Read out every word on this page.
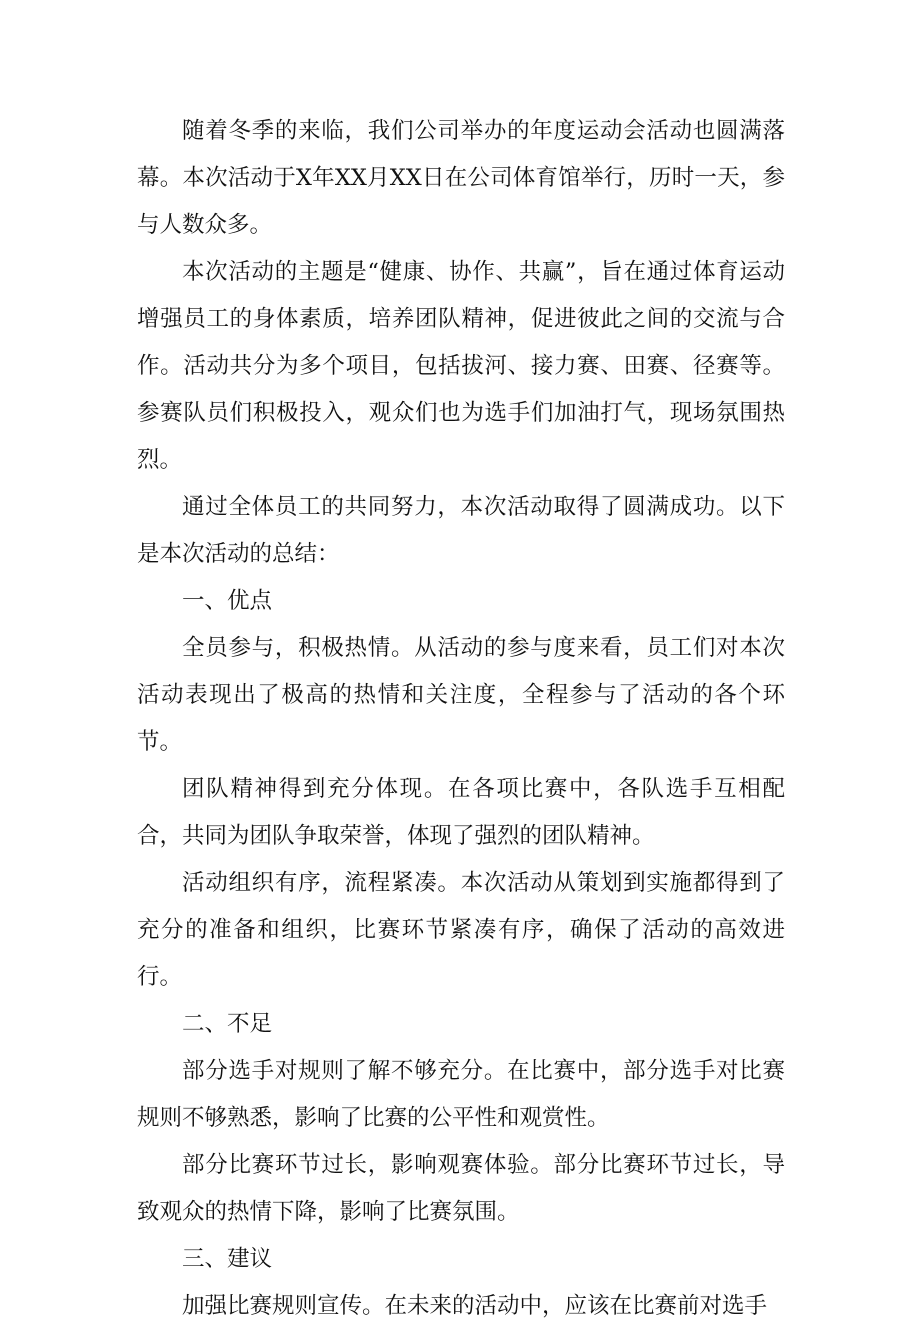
随着冬季的来临，我们公司举办的年度运动会活动也圆满落幕。本次活动于X年XX月XX日在公司体育馆举行，历时一天，参与人数众多。

本次活动的主题是“健康、协作、共赢”，旨在通过体育运动增强员工的身体素质，培养团队精神，促进彼此之间的交流与合作。活动共分为多个项目，包括拔河、接力赛、田赛、径赛等。参赛队员们积极投入，观众们也为选手们加油打气，现场氛围热烈。

通过全体员工的共同努力，本次活动取得了圆满成功。以下是本次活动的总结：

一、优点

全员参与，积极热情。从活动的参与度来看，员工们对本次活动表现出了极高的热情和关注度，全程参与了活动的各个环节。

团队精神得到充分体现。在各项比赛中，各队选手互相配合，共同为团队争取荣誉，体现了强烈的团队精神。

活动组织有序，流程紧凑。本次活动从策划到实施都得到了充分的准备和组织，比赛环节紧凑有序，确保了活动的高效进行。

二、不足

部分选手对规则了解不够充分。在比赛中，部分选手对比赛规则不够熟悉，影响了比赛的公平性和观赏性。

部分比赛环节过长，影响观赛体验。部分比赛环节过长，导致观众的热情下降，影响了比赛氛围。

三、建议

加强比赛规则宣传。在未来的活动中，应该在比赛前对选手
